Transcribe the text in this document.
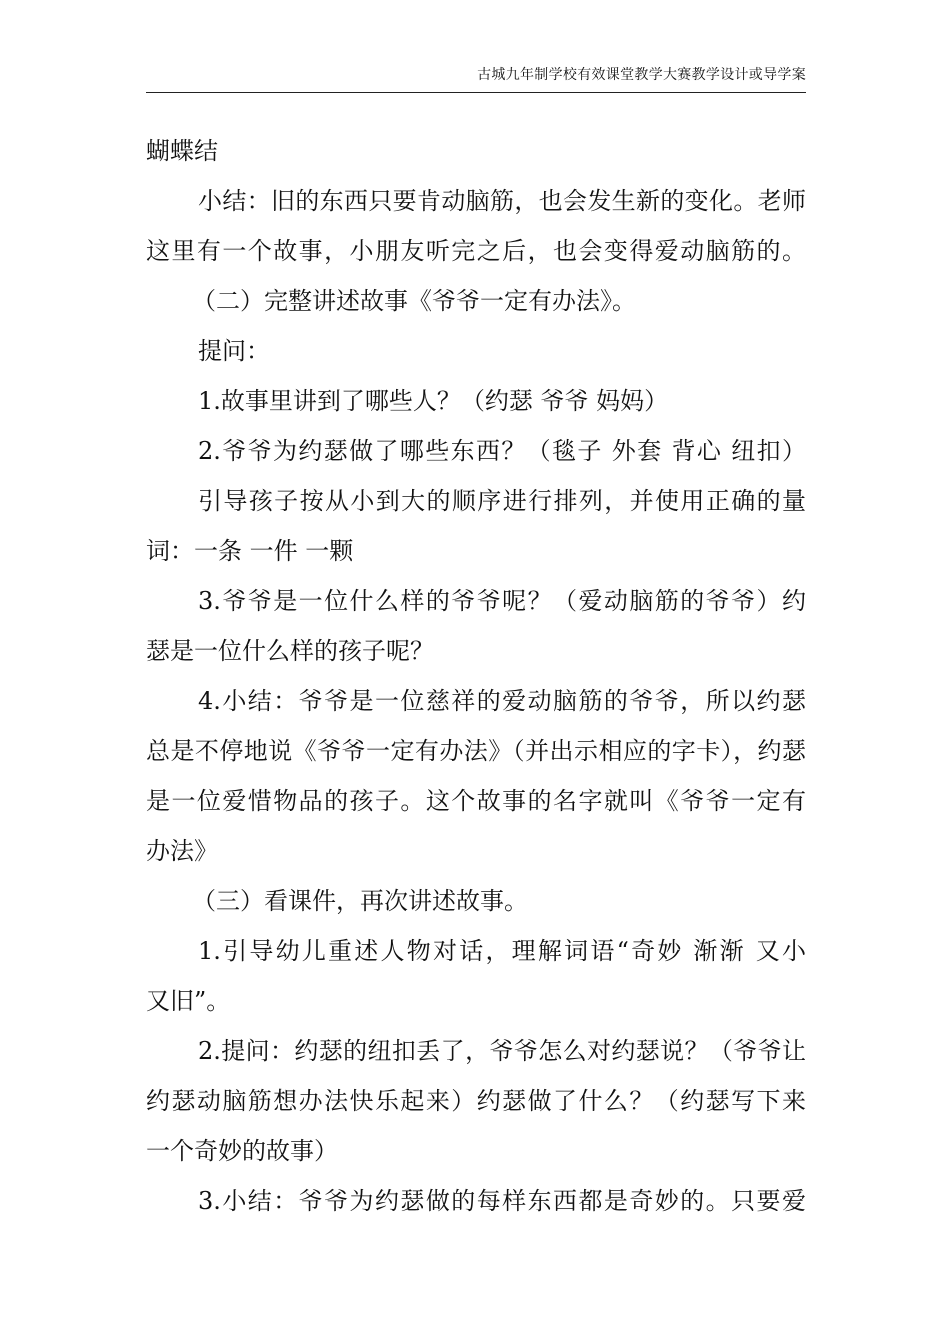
古城九年制学校有效课堂教学大赛教学设计或导学案
蝴蝶结
小结：旧的东西只要肯动脑筋，也会发生新的变化。老师
这里有一个故事，小朋友听完之后，也会变得爱动脑筋的。
（二）完整讲述故事《爷爷一定有办法》。
提问：
1.故事里讲到了哪些人？（约瑟 爷爷 妈妈）
2.爷爷为约瑟做了哪些东西？（毯子 外套 背心 纽扣）
引导孩子按从小到大的顺序进行排列，并使用正确的量
词：一条 一件 一颗
3.爷爷是一位什么样的爷爷呢？（爱动脑筋的爷爷）约
瑟是一位什么样的孩子呢？
4.小结：爷爷是一位慈祥的爱动脑筋的爷爷，所以约瑟
总是不停地说《爷爷一定有办法》（并出示相应的字卡），约瑟
是一位爱惜物品的孩子。这个故事的名字就叫《爷爷一定有
办法》
（三）看课件，再次讲述故事。
1.引导幼儿重述人物对话，理解词语“奇妙 渐渐 又小
又旧”。
2.提问：约瑟的纽扣丢了，爷爷怎么对约瑟说？（爷爷让
约瑟动脑筋想办法快乐起来）约瑟做了什么？（约瑟写下来
一个奇妙的故事）
3.小结：爷爷为约瑟做的每样东西都是奇妙的。只要爱
